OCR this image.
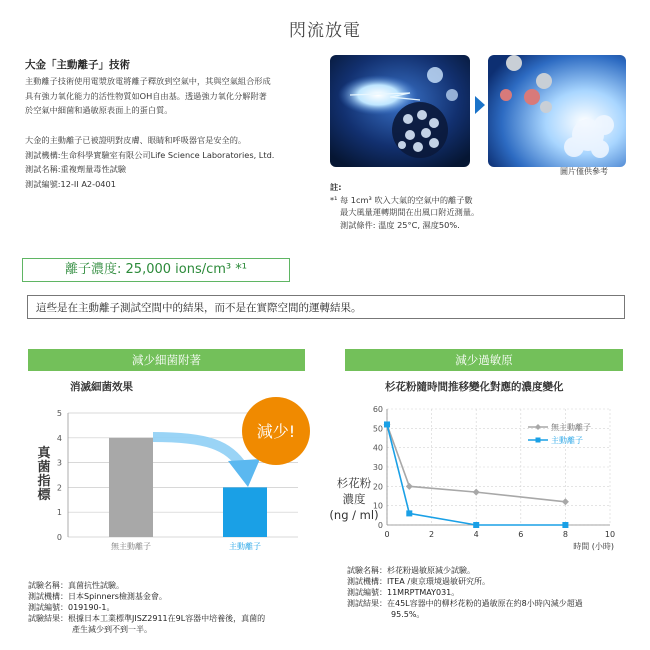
閃流放電
大金「主動離子」技術
主動離子技術使用電漿放電將離子釋放到空氣中，其與空氣組合形成
具有強力氧化能力的活性物質如OH自由基。透過強力氧化分解附著
於空氣中細菌和過敏原表面上的蛋白質。
大金的主動離子已被證明對皮膚、眼睛和呼吸器官是安全的。
測試機構:生命科學實驗室有限公司Life Science Laboratories, Ltd.
測試名稱:重複劑量毒性試驗
測試編號:12-II A2-0401
圖片僅供參考
註:
*¹ 每 1cm³ 吹入大氣的空氣中的離子數
最大風量運轉期間在出風口附近測量。
測試條件: 溫度 25°C, 濕度50%.
離子濃度: 25,000 ions/cm³ *¹
這些是在主動離子測試空間中的結果，而不是在實際空間的運轉結果。
減少細菌附著
消滅細菌效果
0
1
2
3
4
5
真
菌
指
標
無主動離子	主動離子
減少!
減少過敏原
杉花粉隨時間推移變化對應的濃度變化
0
10
20
30
40
50
60
0	2	4	6	8	10
杉花粉
濃度
(ng / ml)
時間 (小時)
無主動離子
主動離子
試驗名稱：真菌抗性試驗。
測試機構：日本Spinners檢測基金會。
測試編號：019190-1。
試驗結果：根據日本工業標準JISZ2911在9L容器中培養後，真菌的
產生減少到不到一半。
試驗名稱：杉花粉過敏原減少試驗。
測試機構：ITEA /東京環境過敏研究所。
測試編號：11MRPTMAY031。
測試結果：在45L容器中的柳杉花粉的過敏原在約8小時內減少超過
95.5%。
